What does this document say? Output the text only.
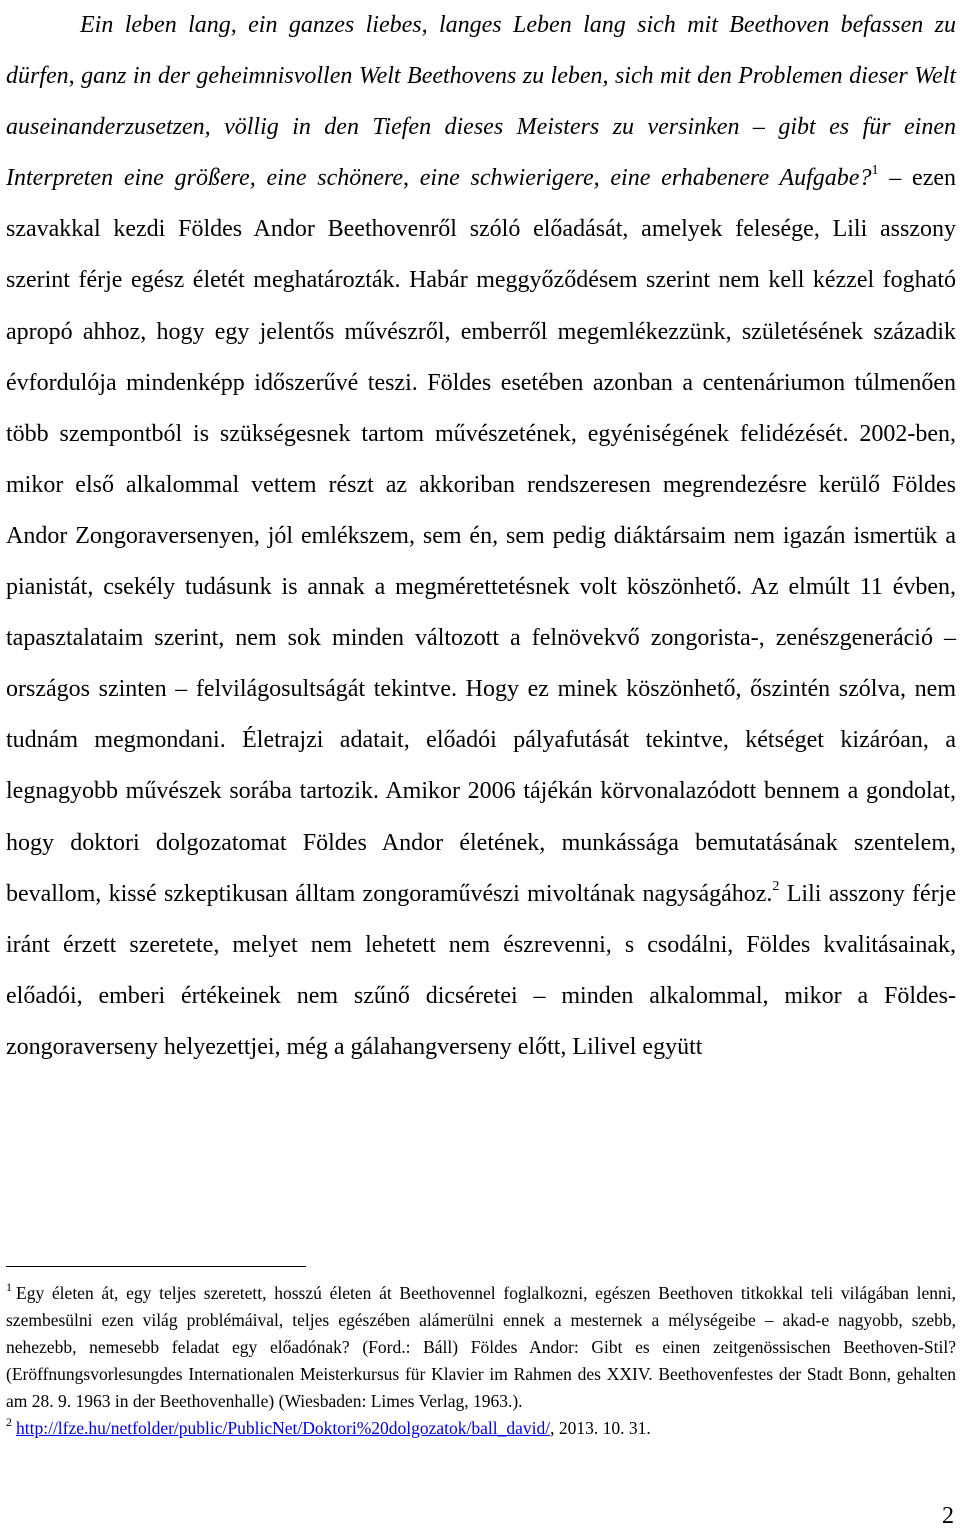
Ein leben lang, ein ganzes liebes, langes Leben lang sich mit Beethoven befassen zu dürfen, ganz in der geheimnisvollen Welt Beethovens zu leben, sich mit den Problemen dieser Welt auseinanderzusetzen, völlig in den Tiefen dieses Meisters zu versinken – gibt es für einen Interpreten eine größere, eine schönere, eine schwierigere, eine erhabenere Aufgabe?$^1$ – ezen szavakkal kezdi Földes Andor Beethovenről szóló előadását, amelyek felesége, Lili asszony szerint férje egész életét meghatározták. Habár meggyőződésem szerint nem kell kézzel fogható apropó ahhoz, hogy egy jelentős művészről, emberről megemlékezzünk, születésének századik évfordulója mindenképp időszerűvé teszi. Földes esetében azonban a centenáriumon túlmenően több szempontból is szükségesnek tartom művészetének, egyéniségének felidézését. 2002-ben, mikor első alkalommal vettem részt az akkoriban rendszeresen megrendezésre kerülő Földes Andor Zongoraversenyen, jól emlékszem, sem én, sem pedig diáktársaim nem igazán ismertük a pianistát, csekély tudásunk is annak a megmérettetésnek volt köszönhető. Az elmúlt 11 évben, tapasztalataim szerint, nem sok minden változott a felnövekvő zongorista-, zenészgeneráció – országos szinten – felvilágosultságát tekintve. Hogy ez minek köszönhető, őszintén szólva, nem tudnám megmondani. Életrajzi adatait, előadói pályafutását tekintve, kétséget kizáróan, a legnagyobb művészek sorába tartozik. Amikor 2006 tájékán körvonalazódott bennem a gondolat, hogy doktori dolgozatomat Földes Andor életének, munkássága bemutatásának szentelem, bevallom, kissé szkeptikusan álltam zongoraművészi mivoltának nagyságához.$^2$ Lili asszony férje iránt érzett szeretete, melyet nem lehetett nem észrevenni, s csodálni, Földes kvalitásainak, előadói, emberi értékeinek nem szűnő dicséretei – minden alkalommal, mikor a Földes-zongoraverseny helyezettjei, még a gálahangverseny előtt, Lilivel együtt

$^1$ Egy életen át, egy teljes szeretett, hosszú életen át Beethovennel foglalkozni, egészen Beethoven titkokkal teli világában lenni, szembesülni ezen világ problémáival, teljes egészében alámerülni ennek a mesternek a mélységeibe – akad-e nagyobb, szebb, nehezebb, nemesebb feladat egy előadónak? (Ford.: Báll) Földes Andor: Gibt es einen zeitgenössischen Beethoven-Stil? (Eröffnungsvorlesungdes Internationalen Meisterkursus für Klavier im Rahmen des XXIV. Beethovenfestes der Stadt Bonn, gehalten am 28. 9. 1963 in der Beethovenhalle) (Wiesbaden: Limes Verlag, 1963.).

$^2$ http://lfze.hu/netfolder/public/PublicNet/Doktori%20dolgozatok/ball_david/, 2013. 10. 31.

2
